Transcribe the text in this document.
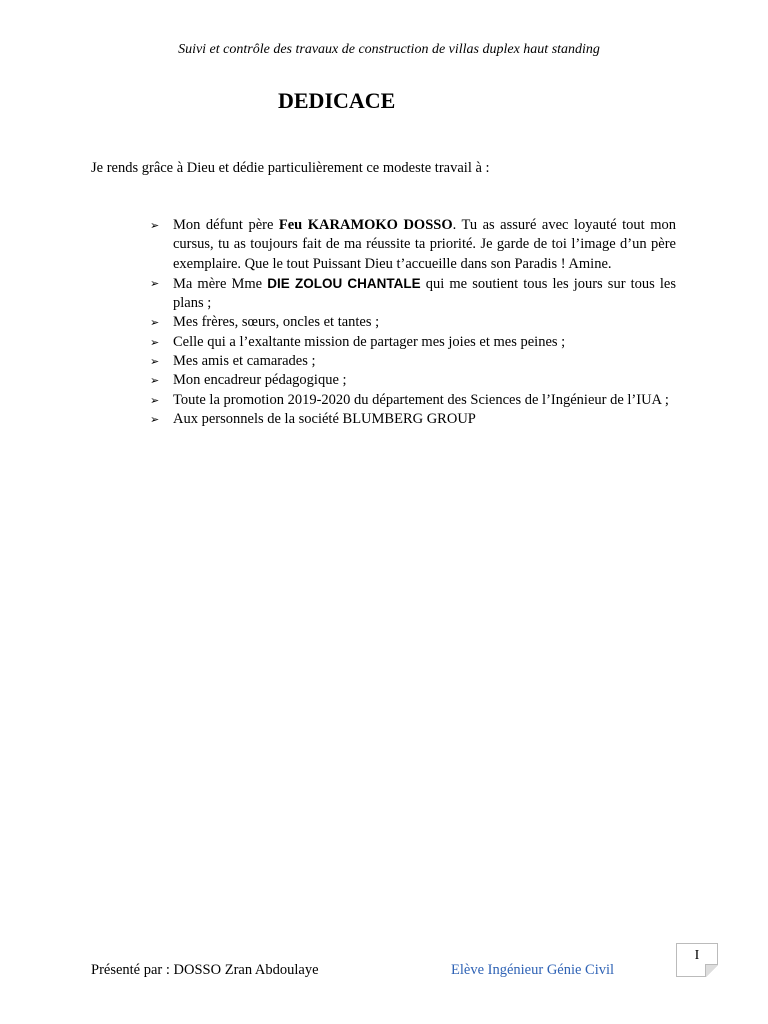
Suivi et contrôle des travaux de construction de villas duplex haut standing
DEDICACE
Je rends grâce à Dieu et dédie particulièrement ce modeste travail à :
➢ Mon défunt père Feu KARAMOKO DOSSO. Tu as assuré avec loyauté tout mon cursus, tu as toujours fait de ma réussite ta priorité. Je garde de toi l’image d’un père exemplaire. Que le tout Puissant Dieu t’accueille dans son Paradis ! Amine.
➢ Ma mère Mme DIE ZOLOU CHANTALE qui me soutient tous les jours sur tous les plans ;
➢ Mes frères, sœurs, oncles et tantes ;
➢ Celle qui a l’exaltante mission de partager mes joies et mes peines ;
➢ Mes amis et camarades ;
➢ Mon encadreur pédagogique ;
➢ Toute la promotion 2019-2020 du département des Sciences de l’Ingénieur de l’IUA ;
➢ Aux personnels de la société BLUMBERG GROUP
Présenté par : DOSSO Zran Abdoulaye	Elève Ingénieur Génie Civil
I
